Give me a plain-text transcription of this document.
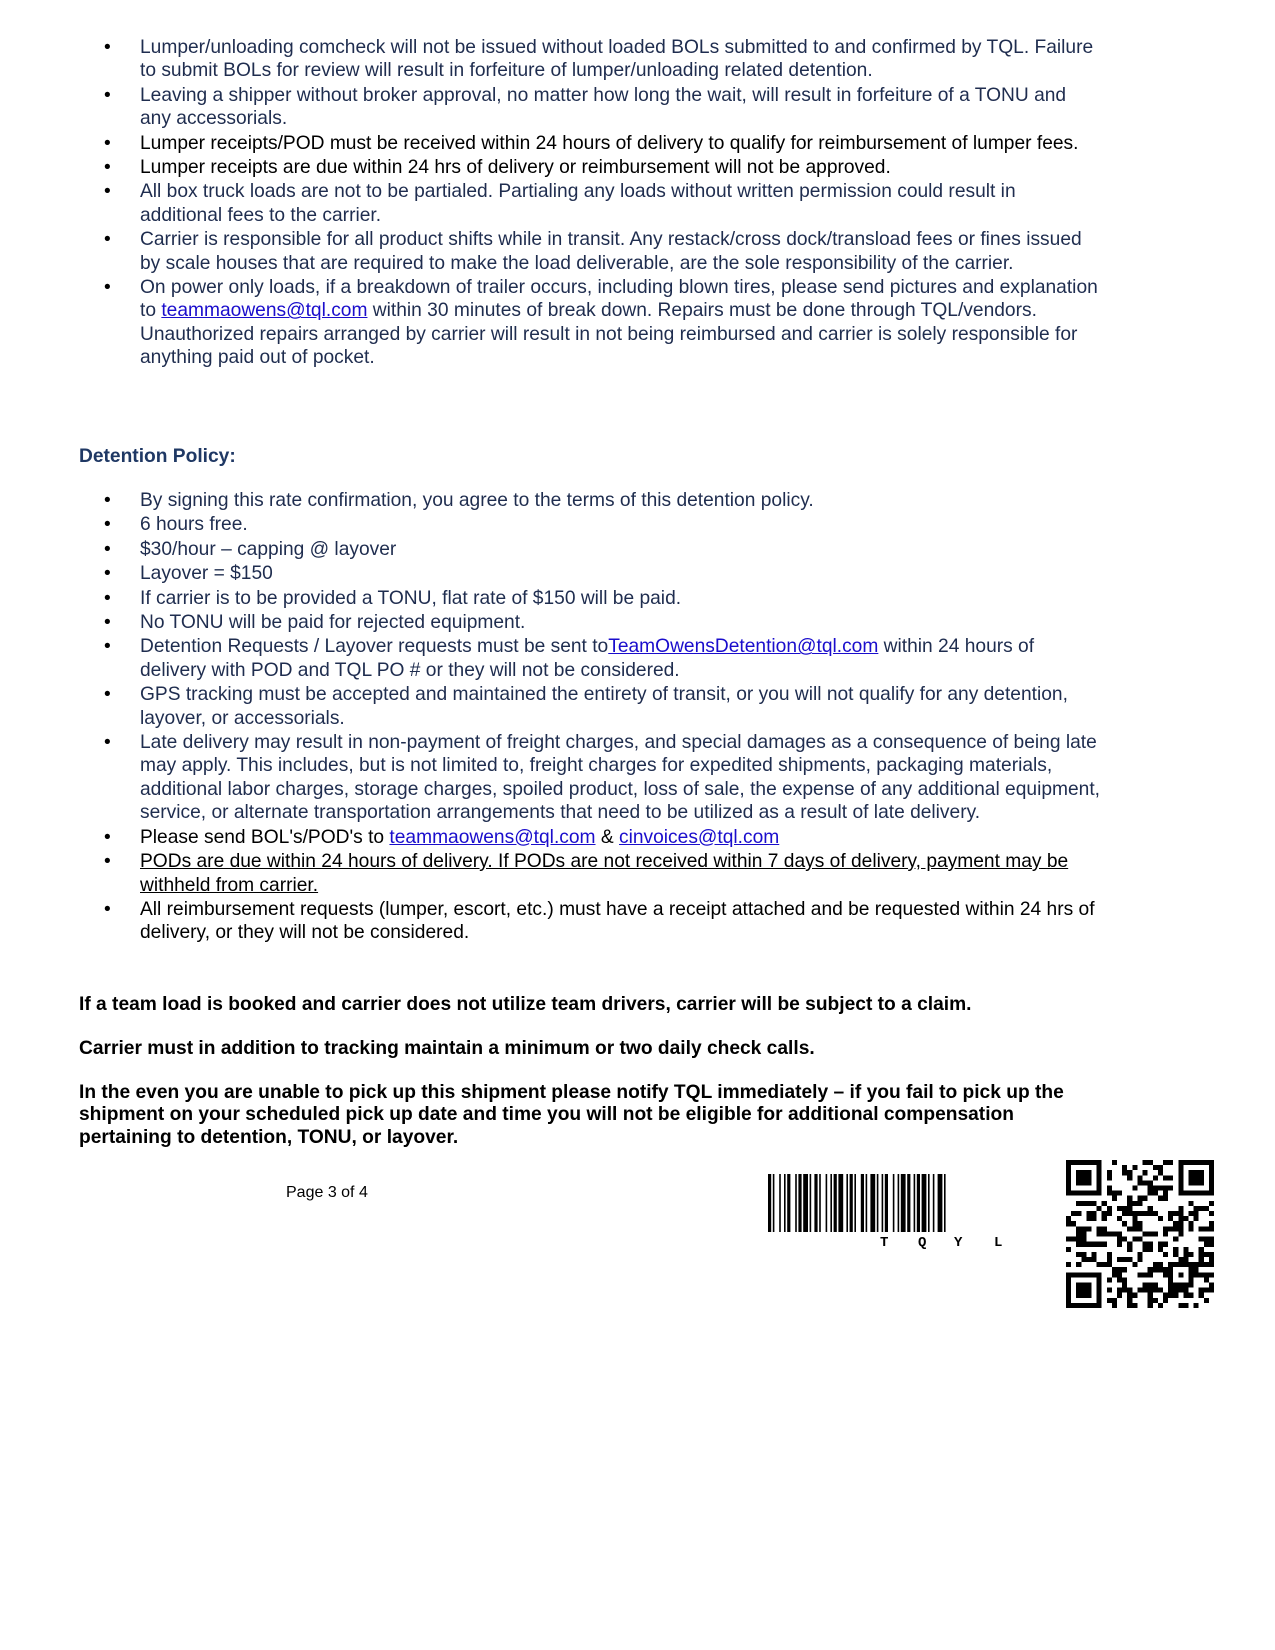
• Lumper/unloading comcheck will not be issued without loaded BOLs submitted to and confirmed by TQL. Failure to submit BOLs for review will result in forfeiture of lumper/unloading related detention.
• Leaving a shipper without broker approval, no matter how long the wait, will result in forfeiture of a TONU and any accessorials.
• Lumper receipts/POD must be received within 24 hours of delivery to qualify for reimbursement of lumper fees.
• Lumper receipts are due within 24 hrs of delivery or reimbursement will not be approved.
• All box truck loads are not to be partialed. Partialing any loads without written permission could result in additional fees to the carrier.
• Carrier is responsible for all product shifts while in transit. Any restack/cross dock/transload fees or fines issued by scale houses that are required to make the load deliverable, are the sole responsibility of the carrier.
• On power only loads, if a breakdown of trailer occurs, including blown tires, please send pictures and explanation to teammaowens@tql.com within 30 minutes of break down. Repairs must be done through TQL/vendors. Unauthorized repairs arranged by carrier will result in not being reimbursed and carrier is solely responsible for anything paid out of pocket.
Detention Policy:
• By signing this rate confirmation, you agree to the terms of this detention policy.
• 6 hours free.
• $30/hour – capping @ layover
• Layover = $150
• If carrier is to be provided a TONU, flat rate of $150 will be paid.
• No TONU will be paid for rejected equipment.
• Detention Requests / Layover requests must be sent toTeamOwensDetention@tql.com within 24 hours of delivery with POD and TQL PO # or they will not be considered.
• GPS tracking must be accepted and maintained the entirety of transit, or you will not qualify for any detention, layover, or accessorials.
• Late delivery may result in non-payment of freight charges, and special damages as a consequence of being late may apply. This includes, but is not limited to, freight charges for expedited shipments, packaging materials, additional labor charges, storage charges, spoiled product, loss of sale, the expense of any additional equipment, service, or alternate transportation arrangements that need to be utilized as a result of late delivery.
• Please send BOL's/POD's to teammaowens@tql.com & cinvoices@tql.com
• PODs are due within 24 hours of delivery. If PODs are not received within 7 days of delivery, payment may be withheld from carrier.
• All reimbursement requests (lumper, escort, etc.) must have a receipt attached and be requested within 24 hrs of delivery, or they will not be considered.
If a team load is booked and carrier does not utilize team drivers, carrier will be subject to a claim.
Carrier must in addition to tracking maintain a minimum or two daily check calls.
In the even you are unable to pick up this shipment please notify TQL immediately – if you fail to pick up the shipment on your scheduled pick up date and time you will not be eligible for additional compensation pertaining to detention, TONU, or layover.
Page 3 of 4
T Q Y L
